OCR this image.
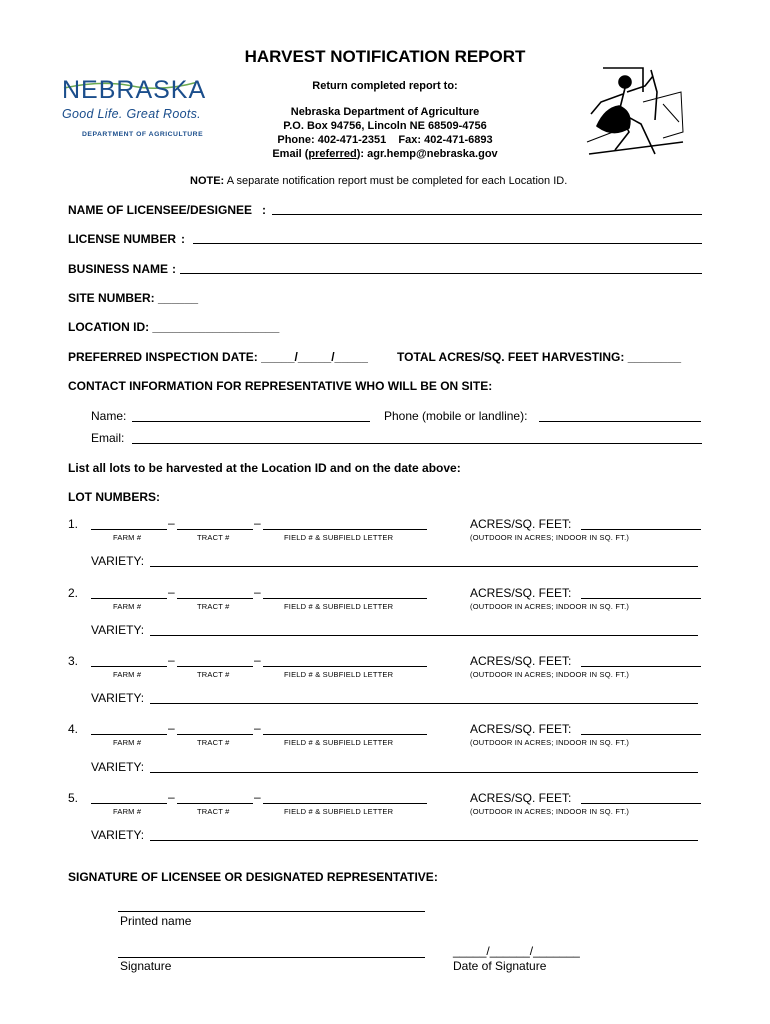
NEBRASKA
Good Life. Great Roots.
DEPARTMENT OF AGRICULTURE
HARVEST NOTIFICATION REPORT
Return completed report to:
Nebraska Department of Agriculture
P.O. Box 94756, Lincoln NE 68509-4756
Phone: 402-471-2351    Fax: 402-471-6893
Email (preferred): agr.hemp@nebraska.gov
NOTE: A separate notification report must be completed for each Location ID.
NAME OF LICENSEE/DESIGNEE :
LICENSE NUMBER :
BUSINESS NAME :
SITE NUMBER: ______
LOCATION ID: ___________________
PREFERRED INSPECTION DATE: _____/_____/_____ TOTAL ACRES/SQ. FEET HARVESTING: ________
CONTACT INFORMATION FOR REPRESENTATIVE WHO WILL BE ON SITE:
Name:	Phone (mobile or landline):
Email:
List all lots to be harvested at the Location ID and on the date above:
LOT NUMBERS:
1.	–	–
FARM #	TRACT #	FIELD # & SUBFIELD LETTER
ACRES/SQ. FEET:
(OUTDOOR IN ACRES; INDOOR IN SQ. FT.)
VARIETY:
2.	–	–
FARM #	TRACT #	FIELD # & SUBFIELD LETTER
ACRES/SQ. FEET:
(OUTDOOR IN ACRES; INDOOR IN SQ. FT.)
VARIETY:
3.	–	–
FARM #	TRACT #	FIELD # & SUBFIELD LETTER
ACRES/SQ. FEET:
(OUTDOOR IN ACRES; INDOOR IN SQ. FT.)
VARIETY:
4.	–	–
FARM #	TRACT #	FIELD # & SUBFIELD LETTER
ACRES/SQ. FEET:
(OUTDOOR IN ACRES; INDOOR IN SQ. FT.)
VARIETY:
5.	–	–
FARM #	TRACT #	FIELD # & SUBFIELD LETTER
ACRES/SQ. FEET:
(OUTDOOR IN ACRES; INDOOR IN SQ. FT.)
VARIETY:
SIGNATURE OF LICENSEE OR DESIGNATED REPRESENTATIVE:
Printed name
Signature
_____/______/_______
Date of Signature
